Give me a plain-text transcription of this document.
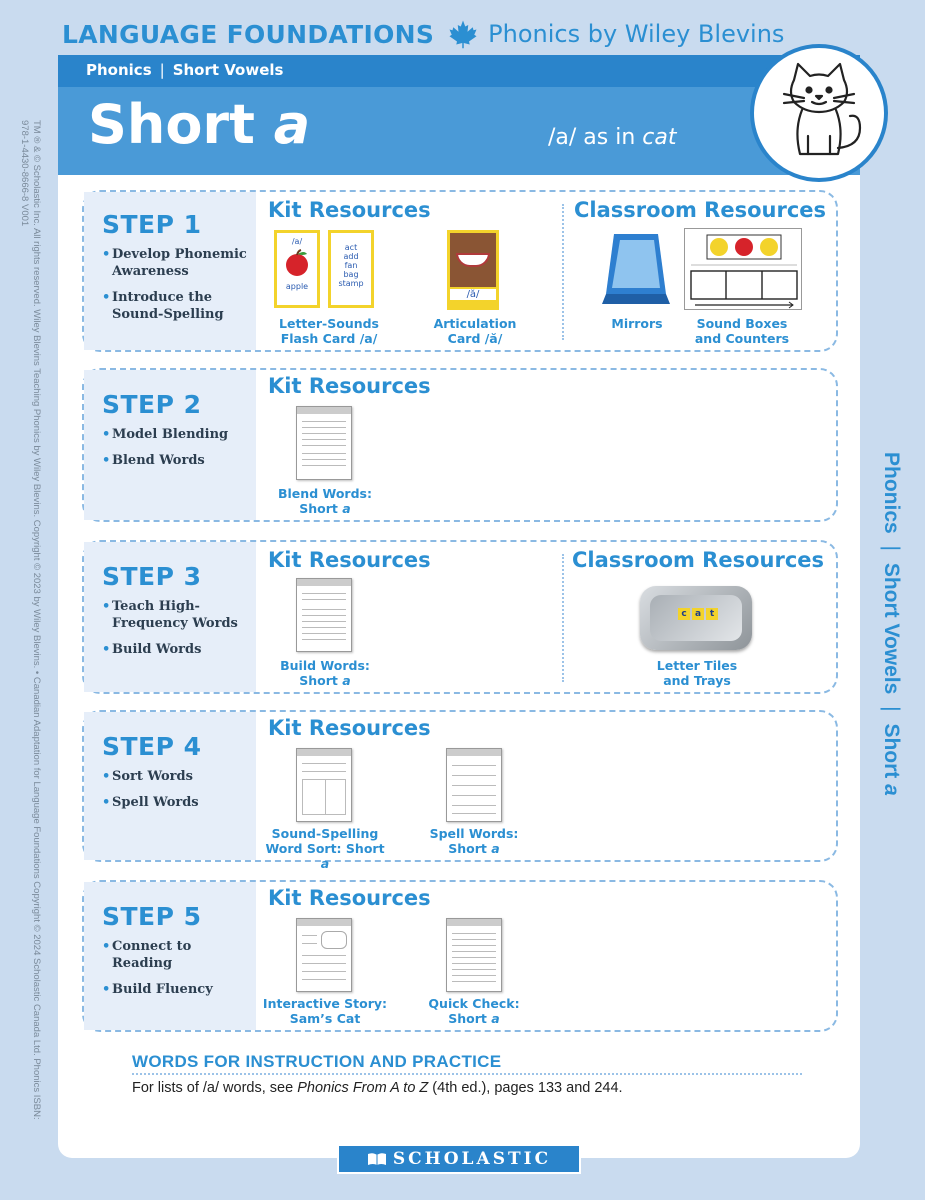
LANGUAGE FOUNDATIONS Phonics by Wiley Blevins
TM ® & © Scholastic Inc. All rights reserved. Wiley Blevins Teaching Phonics by Wiley Blevins. Copyright © 2023 by Wiley Blevins. • Canadian Adaptation for Language Foundations Copyright © 2024 Scholastic Canada Ltd. Phonics ISBN: 978-1-4430-8666-8 V001
Phonics | Short Vowels | Short a
Phonics | Short Vowels
Short a	/a/ as in cat
STEP 1
• Develop Phonemic Awareness
• Introduce the Sound-Spelling
Kit Resources	Classroom Resources
/a/
apple
act
add
fan
bag
stamp
Letter-Sounds
Flash Card /a/
/ă/
Articulation
Card /ă/
Mirrors	Sound Boxes
and Counters
STEP 2
• Model Blending
• Blend Words
Kit Resources
Blend Words:
Short a
STEP 3
• Teach High-Frequency Words
• Build Words
Kit Resources	Classroom Resources
Build Words:
Short a
c a t
Letter Tiles
and Trays
STEP 4
• Sort Words
• Spell Words
Kit Resources
Sound-Spelling
Word Sort: Short a
Spell Words:
Short a
STEP 5
• Connect to Reading
• Build Fluency
Kit Resources
Interactive Story:
Sam’s Cat
Quick Check:
Short a
WORDS FOR INSTRUCTION AND PRACTICE
For lists of /a/ words, see Phonics From A to Z (4th ed.), pages 133 and 244.
SCHOLASTIC
